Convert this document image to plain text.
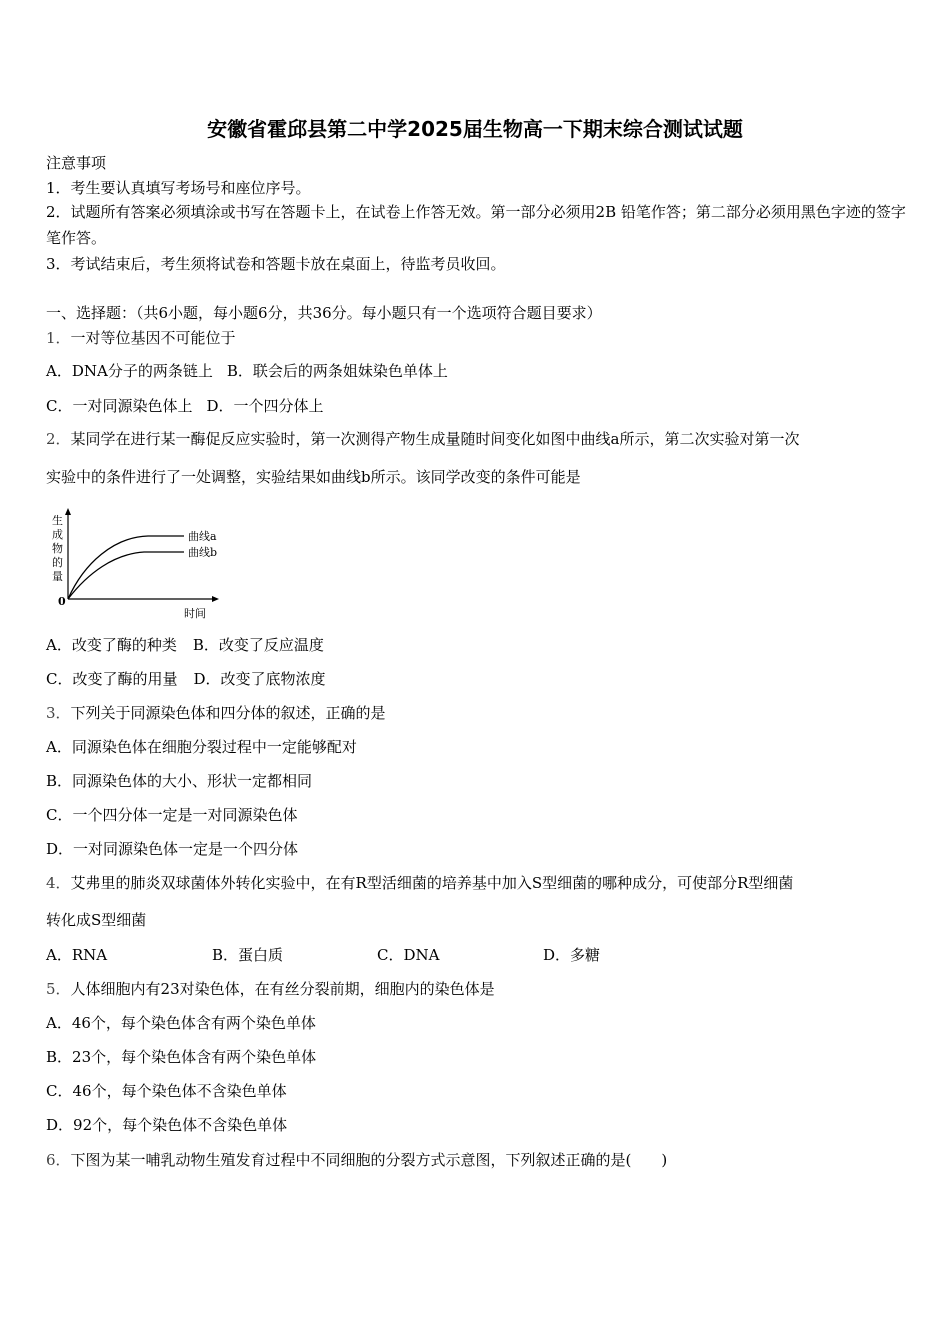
安徽省霍邱县第二中学2025届生物高一下期末综合测试试题
注意事项
1．考生要认真填写考场号和座位序号。
2．试题所有答案必须填涂或书写在答题卡上，在试卷上作答无效。第一部分必须用2B 铅笔作答；第二部分必须用黑色字迹的签字笔作答。
3．考试结束后，考生须将试卷和答题卡放在桌面上，待监考员收回。
一、选择题：（共6小题，每小题6分，共36分。每小题只有一个选项符合题目要求）
1．一对等位基因不可能位于
A．DNA分子的两条链上 B．联会后的两条姐妹染色单体上
C．一对同源染色体上 D．一个四分体上
2．某同学在进行某一酶促反应实验时，第一次测得产物生成量随时间变化如图中曲线a所示，第二次实验对第一次
实验中的条件进行了一处调整，实验结果如曲线b所示。该同学改变的条件可能是
生
成
物
的
量
0
时间
曲线a
曲线b
A．改变了酶的种类 B．改变了反应温度
C．改变了酶的用量 D．改变了底物浓度
3．下列关于同源染色体和四分体的叙述，正确的是
A．同源染色体在细胞分裂过程中一定能够配对
B．同源染色体的大小、形状一定都相同
C．一个四分体一定是一对同源染色体
D．一对同源染色体一定是一个四分体
4．艾弗里的肺炎双球菌体外转化实验中，在有R型活细菌的培养基中加入S型细菌的哪种成分，可使部分R型细菌
转化成S型细菌
A．RNA	B．蛋白质	C．DNA	D．多糖
5．人体细胞内有23对染色体，在有丝分裂前期，细胞内的染色体是
A．46个，每个染色体含有两个染色单体
B．23个，每个染色体含有两个染色单体
C．46个，每个染色体不含染色单体
D．92个，每个染色体不含染色单体
6．下图为某一哺乳动物生殖发育过程中不同细胞的分裂方式示意图，下列叙述正确的是(　　)
